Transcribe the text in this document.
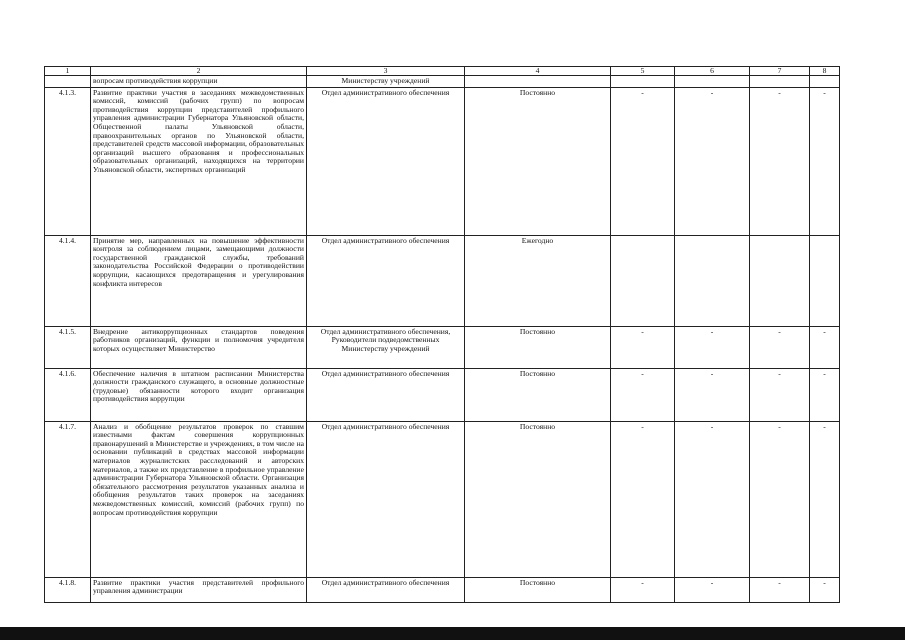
1	2	3	4	5	6	7	8
	вопросам противодействия коррупции	Министерству учреждений					
4.1.3.	Развитие практики участия в заседаниях межведомственных комиссий, комиссий (рабочих групп) по вопросам противодействия коррупции представителей профильного управления администрации Губернатора Ульяновской области, Общественной палаты Ульяновской области, правоохранительных органов по Ульяновской области, представителей средств массовой информации, образовательных организаций высшего образования и профессиональных образовательных организаций, находящихся на территории Ульяновской области, экспертных организаций	Отдел административного обеспечения	Постоянно	-	-	-	-
4.1.4.	Принятие мер, направленных на повышение эффективности контроля за соблюдением лицами, замещающими должности государственной гражданской службы, требований законодательства Российской Федерации о противодействии коррупции, касающихся предотвращения и урегулирования конфликта интересов	Отдел административного обеспечения	Ежегодно				
4.1.5.	Внедрение антикоррупционных стандартов поведения работников организаций, функции и полномочия учредителя которых осуществляет Министерство	Отдел административного обеспечения, Руководители подведомственных Министерству учреждений	Постоянно	-	-	-	-
4.1.6.	Обеспечение наличия в штатном расписании Министерства должности гражданского служащего, в основные должностные (трудовые) обязанности которого входит организация противодействия коррупции	Отдел административного обеспечения	Постоянно	-	-	-	-
4.1.7.	Анализ и обобщение результатов проверок по ставшим известными фактам совершения коррупционных правонарушений в Министерстве и учреждениях, в том числе на основании публикаций в средствах массовой информации материалов журналистских расследований и авторских материалов, а также их представление в профильное управление администрации Губернатора Ульяновской области. Организация обязательного рассмотрения результатов указанных анализа и обобщения результатов таких проверок на заседаниях межведомственных комиссий, комиссий (рабочих групп) по вопросам противодействия коррупции	Отдел административного обеспечения	Постоянно	-	-	-	-
4.1.8.	Развитие практики участия представителей профильного управления администрации	Отдел административного обеспечения	Постоянно	-	-	-	-
